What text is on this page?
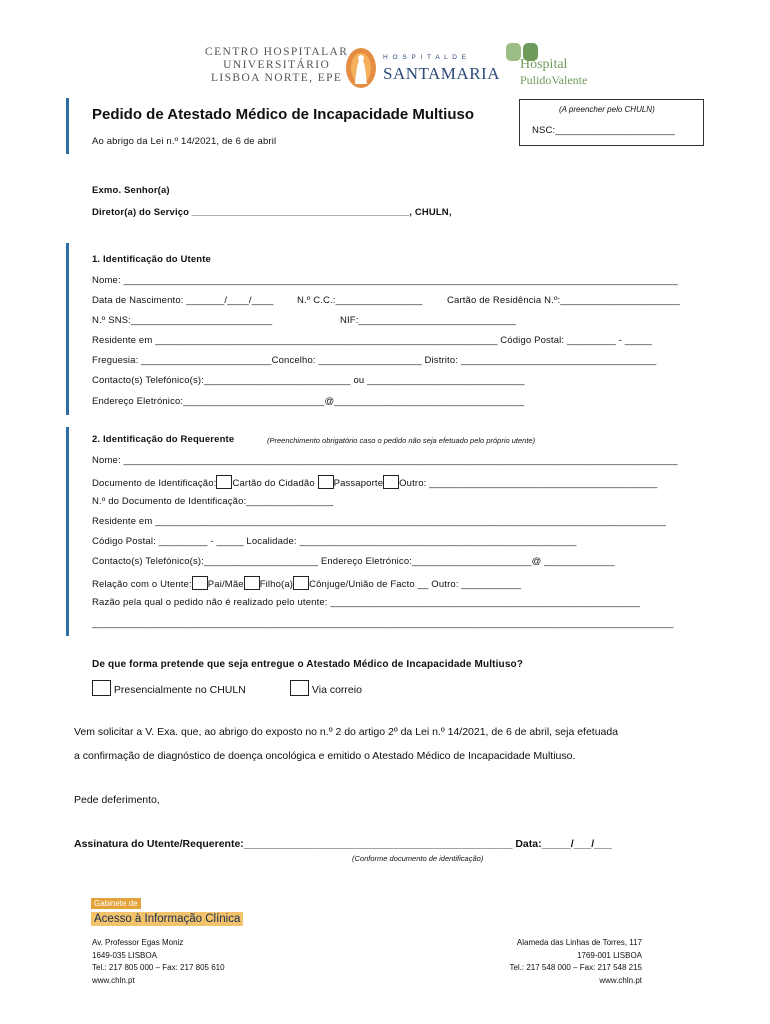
CENTRO HOSPITALAR
UNIVERSITÁRIO
LISBOA NORTE, EPE
H O S P I T A L D E
SANTAMARIA Hospital
PulidoValente
Pedido de Atestado Médico de Incapacidade Multiuso
Ao abrigo da Lei n.º 14/2021, de 6 de abril
(A preencher pelo CHULN)
NSC:______________________
Exmo. Senhor(a)
Diretor(a) do Serviço ________________________________________, CHULN,
1. Identificação do Utente
Nome: ______________________________________________________________________________________________________
Data de Nascimento: _______/____/____ N.º C.C.:________________	Cartão de Residência N.º:______________________
N.º SNS:__________________________	NIF:_____________________________
Residente em _______________________________________________________________ Código Postal: _________ - _____
Freguesia: ________________________Concelho: ___________________ Distrito: ____________________________________
Contacto(s) Telefónico(s):___________________________ ou _____________________________
Endereço Eletrónico:__________________________@___________________________________
2. Identificação do Requerente	(Preenchimento obrigatório caso o pedido não seja efetuado pelo próprio utente)
Nome: ______________________________________________________________________________________________________
Documento de Identificação: Cartão do Cidadão Passaporte Outro: __________________________________________
N.º do Documento de Identificação:________________
Residente em ______________________________________________________________________________________________
Código Postal: _________ - _____ Localidade: ___________________________________________________
Contacto(s) Telefónico(s):_____________________ Endereço Eletrónico:______________________@ _____________
Relação com o Utente: Pai/Mãe Filho(a) Cônjuge/União de Facto __ Outro: ___________
Razão pela qual o pedido não é realizado pelo utente: _________________________________________________________
___________________________________________________________________________________________________________
De que forma pretende que seja entregue o Atestado Médico de Incapacidade Multiuso?
Presencialmente no CHULN	Via correio
Vem solicitar a V. Exa. que, ao abrigo do exposto no n.º 2 do artigo 2º da Lei n.º 14/2021, de 6 de abril, seja efetuada
a confirmação de diagnóstico de doença oncológica e emitido o Atestado Médico de Incapacidade Multiuso.
Pede deferimento,
Assinatura do Utente/Requerente:______________________________________________ Data:_____/___/___
(Conforme documento de identificação)
Gabinete de
Acesso à Informação Clínica
Av. Professor Egas Moniz
1649-035 LISBOA
Tel.: 217 805 000 – Fax: 217 805 610
www.chln.pt
Alameda das Linhas de Torres, 117
1769-001 LISBOA
Tel.: 217 548 000 – Fax: 217 548 215
www.chln.pt
